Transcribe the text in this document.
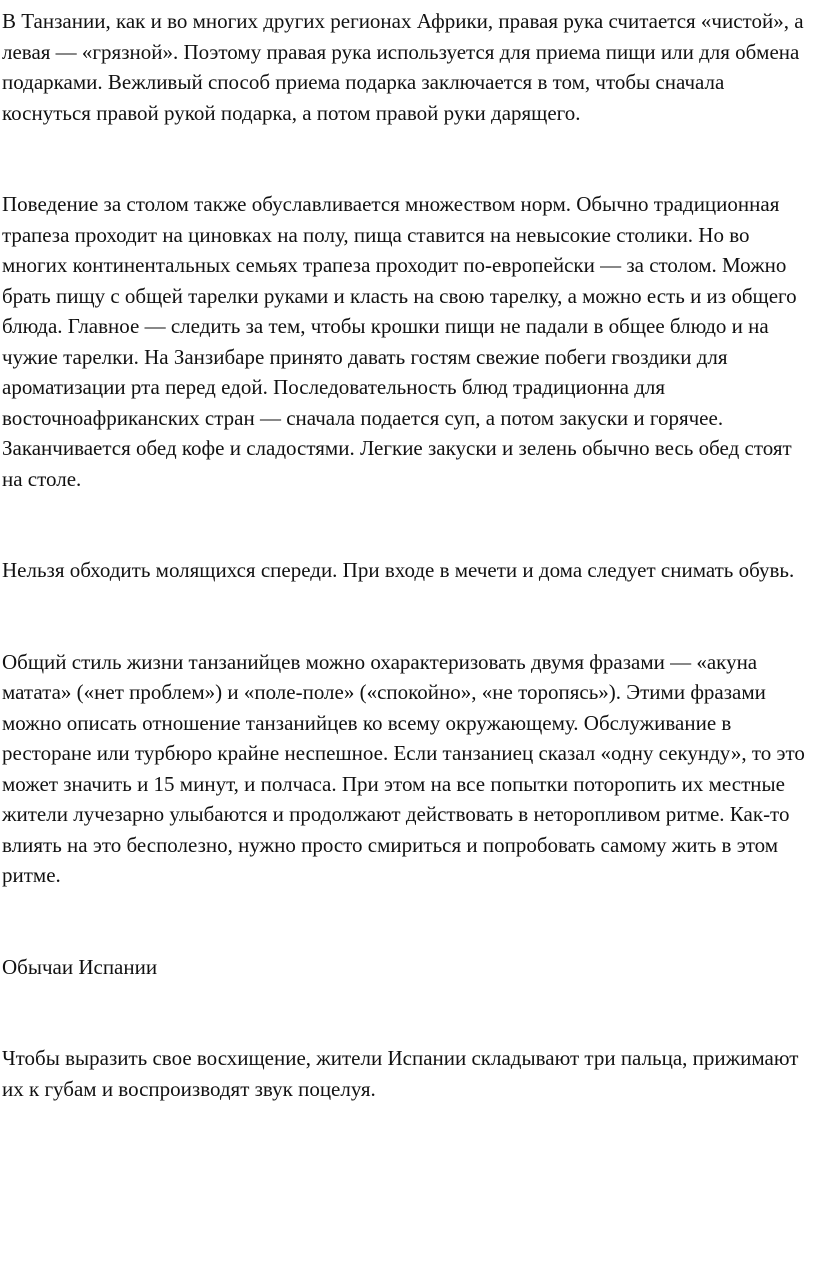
В Танзании, как и во многих других регионах Африки, правая рука считается «чистой», а левая — «грязной». Поэтому правая рука используется для приема пищи или для обмена подарками. Вежливый способ приема подарка заключается в том, чтобы сначала коснуться правой рукой подарка, а потом правой руки дарящего.

Поведение за столом также обуславливается множеством норм. Обычно традиционная трапеза проходит на циновках на полу, пища ставится на невысокие столики. Но во многих континентальных семьях трапеза проходит по-европейски — за столом. Можно брать пищу с общей тарелки руками и класть на свою тарелку, а можно есть и из общего блюда. Главное — следить за тем, чтобы крошки пищи не падали в общее блюдо и на чужие тарелки. На Занзибаре принято давать гостям свежие побеги гвоздики для ароматизации рта перед едой. Последовательность блюд традиционна для восточноафриканских стран — сначала подается суп, а потом закуски и горячее. Заканчивается обед кофе и сладостями. Легкие закуски и зелень обычно весь обед стоят на столе.

Нельзя обходить молящихся спереди. При входе в мечети и дома следует снимать обувь.

Общий стиль жизни танзанийцев можно охарактеризовать двумя фразами — «акуна матата» («нет проблем») и «поле-поле» («спокойно», «не торопясь»). Этими фразами можно описать отношение танзанийцев ко всему окружающему. Обслуживание в ресторане или турбюро крайне неспешное. Если танзаниец сказал «одну секунду», то это может значить и 15 минут, и полчаса. При этом на все попытки поторопить их местные жители лучезарно улыбаются и продолжают действовать в неторопливом ритме. Как-то влиять на это бесполезно, нужно просто смириться и попробовать самому жить в этом ритме.

Обычаи Испании

Чтобы выразить свое восхищение, жители Испании складывают три пальца, прижимают их к губам и воспроизводят звук поцелуя.
